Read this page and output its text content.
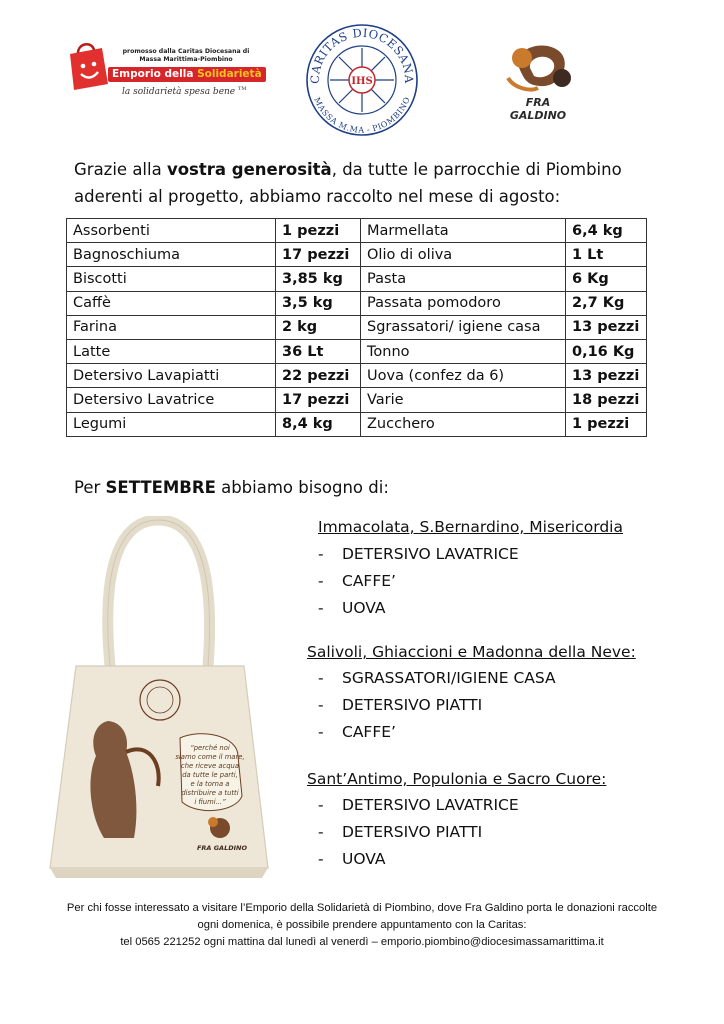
promosso dalla Caritas Diocesana di
Massa Marittima-Piombino
Emporio della Solidarietà
la solidarietà spesa bene ™
CARITAS DIOCESANA
MASSA M.MA - PIOMBINO
IHS
FRA GALDINO
Grazie alla vostra generosità, da tutte le parrocchie di Piombino aderenti al progetto, abbiamo raccolto nel mese di agosto:
Assorbenti	1 pezzi	Marmellata	6,4 kg
Bagnoschiuma	17 pezzi	Olio di oliva	1 Lt
Biscotti	3,85 kg	Pasta	6 Kg
Caffè	3,5 kg	Passata pomodoro	2,7 Kg
Farina	2 kg	Sgrassatori/ igiene casa	13 pezzi
Latte	36 Lt	Tonno	0,16 Kg
Detersivo Lavapiatti	22 pezzi	Uova (confez da 6)	13 pezzi
Detersivo Lavatrice	17 pezzi	Varie	18 pezzi
Legumi	8,4 kg	Zucchero	1 pezzi
Per SETTEMBRE abbiamo bisogno di:
Immacolata, S.Bernardino, Misericordia
- DETERSIVO LAVATRICE
- CAFFE’
- UOVA
Salivoli, Ghiaccioni e Madonna della Neve:
- SGRASSATORI/IGIENE CASA
- DETERSIVO PIATTI
- CAFFE’
Sant’Antimo, Populonia e Sacro Cuore:
- DETERSIVO LAVATRICE
- DETERSIVO PIATTI
- UOVA
“perché noi
siamo come il mare,
che riceve acqua
da tutte le parti,
e la torna a
distribuire a tutti
i fiumi...”
FRA GALDINO
Per chi fosse interessato a visitare l’Emporio della Solidarietà di Piombino, dove Fra Galdino porta le donazioni raccolte
ogni domenica, è possibile prendere appuntamento con la Caritas:
tel 0565 221252 ogni mattina dal lunedì al venerdì – emporio.piombino@diocesimassamarittima.it
